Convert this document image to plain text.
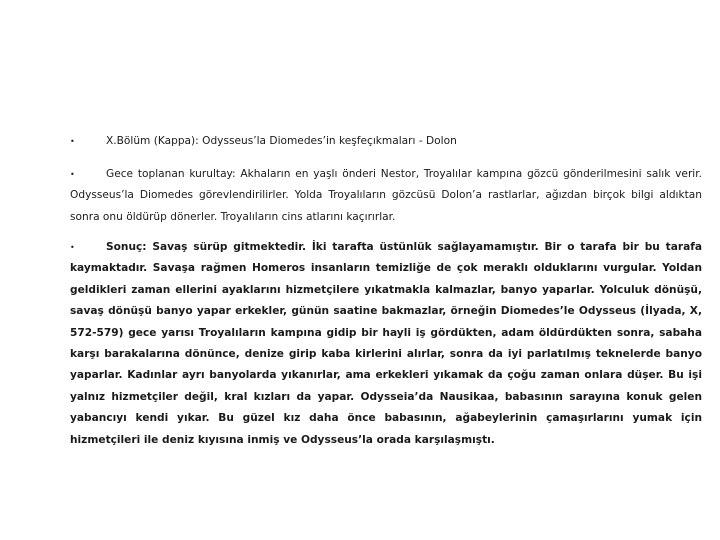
•	X.Bölüm (Kappa): Odysseus’la Diomedes’in keşfeçıkmaları - Dolon

•	Gece toplanan kurultay: Akhaların en yaşlı önderi Nestor, Troyalılar kampına gözcü gönderilmesini salık verir. Odysseus’la Diomedes görevlendirilirler. Yolda Troyalıların gözcüsü Dolon’a rastlarlar, ağızdan birçok bilgi aldıktan sonra onu öldürüp dönerler. Troyalıların cins atlarını kaçırırlar.

•	Sonuç: Savaş sürüp gitmektedir. İki tarafta üstünlük sağlayamamıştır. Bir o tarafa bir bu tarafa kaymaktadır. Savaşa rağmen Homeros insanların temizliğe de çok meraklı olduklarını vurgular. Yoldan geldikleri zaman ellerini ayaklarını hizmetçilere yıkatmakla kalmazlar, banyo yaparlar. Yolculuk dönüşü, savaş dönüşü banyo yapar erkekler, günün saatine bakmazlar, örneğin Diomedes’le Odysseus (İlyada, X, 572-579) gece yarısı Troyalıların kampına gidip bir hayli iş gördükten, adam öldürdükten sonra, sabaha karşı barakalarına dönünce, denize girip kaba kirlerini alırlar, sonra da iyi parlatılmış teknelerde banyo yaparlar. Kadınlar ayrı banyolarda yıkanırlar, ama erkekleri yıkamak da çoğu zaman onlara düşer. Bu işi yalnız hizmetçiler değil, kral kızları da yapar. Odysseia’da Nausikaa, babasının sarayına konuk gelen yabancıyı kendi yıkar. Bu güzel kız daha önce babasının, ağabeylerinin çamaşırlarını yumak için hizmetçileri ile deniz kıyısına inmiş ve Odysseus’la orada karşılaşmıştı.
